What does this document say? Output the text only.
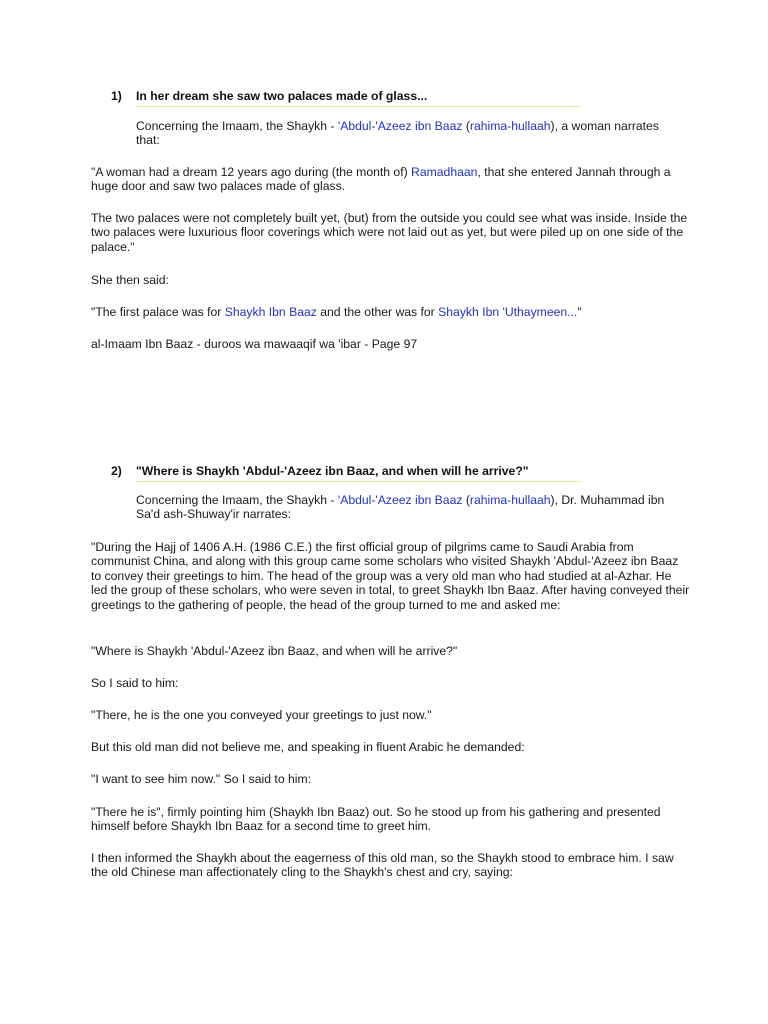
1) In her dream she saw two palaces made of glass...

Concerning the Imaam, the Shaykh - 'Abdul-'Azeez ibn Baaz (rahima-hullaah), a woman narrates that:

"A woman had a dream 12 years ago during (the month of) Ramadhaan, that she entered Jannah through a huge door and saw two palaces made of glass.

The two palaces were not completely built yet, (but) from the outside you could see what was inside. Inside the two palaces were luxurious floor coverings which were not laid out as yet, but were piled up on one side of the palace."

She then said:

"The first palace was for Shaykh Ibn Baaz and the other was for Shaykh Ibn 'Uthaymeen..."

al-Imaam Ibn Baaz - duroos wa mawaaqif wa 'ibar - Page 97

2) "Where is Shaykh 'Abdul-'Azeez ibn Baaz, and when will he arrive?"

Concerning the Imaam, the Shaykh - 'Abdul-'Azeez ibn Baaz (rahima-hullaah), Dr. Muhammad ibn Sa'd ash-Shuway'ir narrates:

"During the Hajj of 1406 A.H. (1986 C.E.) the first official group of pilgrims came to Saudi Arabia from communist China, and along with this group came some scholars who visited Shaykh 'Abdul-'Azeez ibn Baaz to convey their greetings to him. The head of the group was a very old man who had studied at al-Azhar. He led the group of these scholars, who were seven in total, to greet Shaykh Ibn Baaz. After having conveyed their greetings to the gathering of people, the head of the group turned to me and asked me:

"Where is Shaykh 'Abdul-'Azeez ibn Baaz, and when will he arrive?"

So I said to him:

"There, he is the one you conveyed your greetings to just now."

But this old man did not believe me, and speaking in fluent Arabic he demanded:

"I want to see him now." So I said to him:

"There he is", firmly pointing him (Shaykh Ibn Baaz) out. So he stood up from his gathering and presented himself before Shaykh Ibn Baaz for a second time to greet him.

I then informed the Shaykh about the eagerness of this old man, so the Shaykh stood to embrace him. I saw the old Chinese man affectionately cling to the Shaykh's chest and cry, saying:
